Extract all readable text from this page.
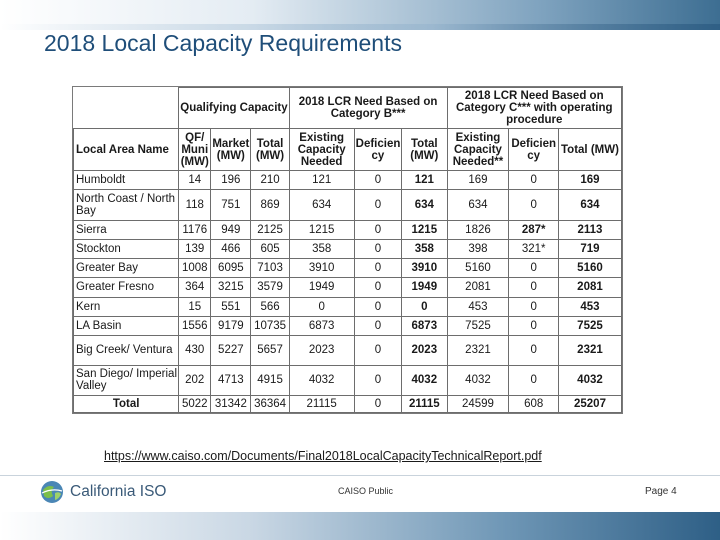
2018 Local Capacity Requirements
	Qualifying Capacity			2018 LCR Need Based on Category B***			2018 LCR Need Based on Category C*** with operating procedure		
Local Area Name	QF/ Muni (MW)	Market (MW)	Total (MW)	Existing Capacity Needed	Deficien cy	Total (MW)	Existing Capacity Needed**	Deficien cy	Total (MW)
Humboldt	14	196	210	121	0	121	169	0	169
North Coast / North Bay	118	751	869	634	0	634	634	0	634
Sierra	1176	949	2125	1215	0	1215	1826	287*	2113
Stockton	139	466	605	358	0	358	398	321*	719
Greater Bay	1008	6095	7103	3910	0	3910	5160	0	5160
Greater Fresno	364	3215	3579	1949	0	1949	2081	0	2081
Kern	15	551	566	0	0	0	453	0	453
LA Basin	1556	9179	10735	6873	0	6873	7525	0	7525
Big Creek/ Ventura	430	5227	5657	2023	0	2023	2321	0	2321
San Diego/ Imperial Valley	202	4713	4915	4032	0	4032	4032	0	4032
Total	5022	31342	36364	21115	0	21115	24599	608	25207
https://www.caiso.com/Documents/Final2018LocalCapacityTechnicalReport.pdf
California ISO	CAISO Public	Page 4
